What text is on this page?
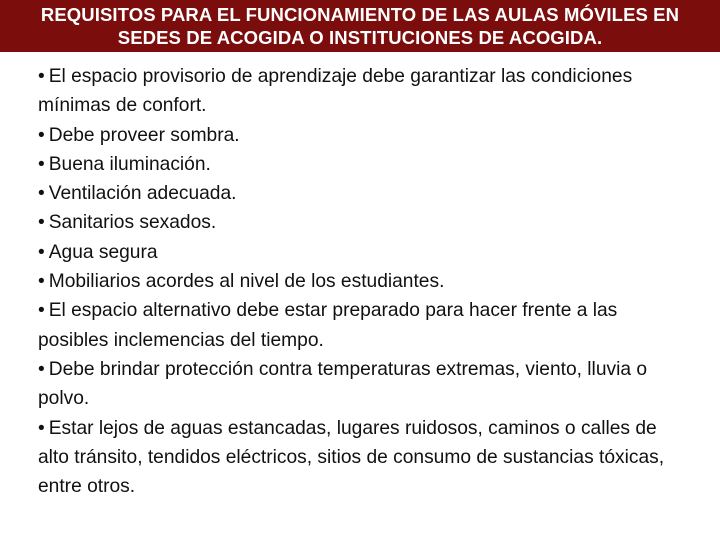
REQUISITOS PARA EL FUNCIONAMIENTO DE LAS AULAS MÓVILES EN SEDES DE ACOGIDA O INSTITUCIONES DE ACOGIDA.

• El espacio provisorio de aprendizaje debe garantizar las condiciones mínimas de confort.

• Debe proveer sombra.

• Buena iluminación.

• Ventilación adecuada.

• Sanitarios sexados.

• Agua segura

• Mobiliarios acordes al nivel de los estudiantes.

• El espacio alternativo debe estar preparado para hacer frente a las posibles inclemencias del tiempo.

• Debe brindar protección contra temperaturas extremas, viento, lluvia o polvo.

• Estar lejos de aguas estancadas, lugares ruidosos, caminos o calles de alto tránsito, tendidos eléctricos, sitios de consumo de sustancias tóxicas, entre otros.
